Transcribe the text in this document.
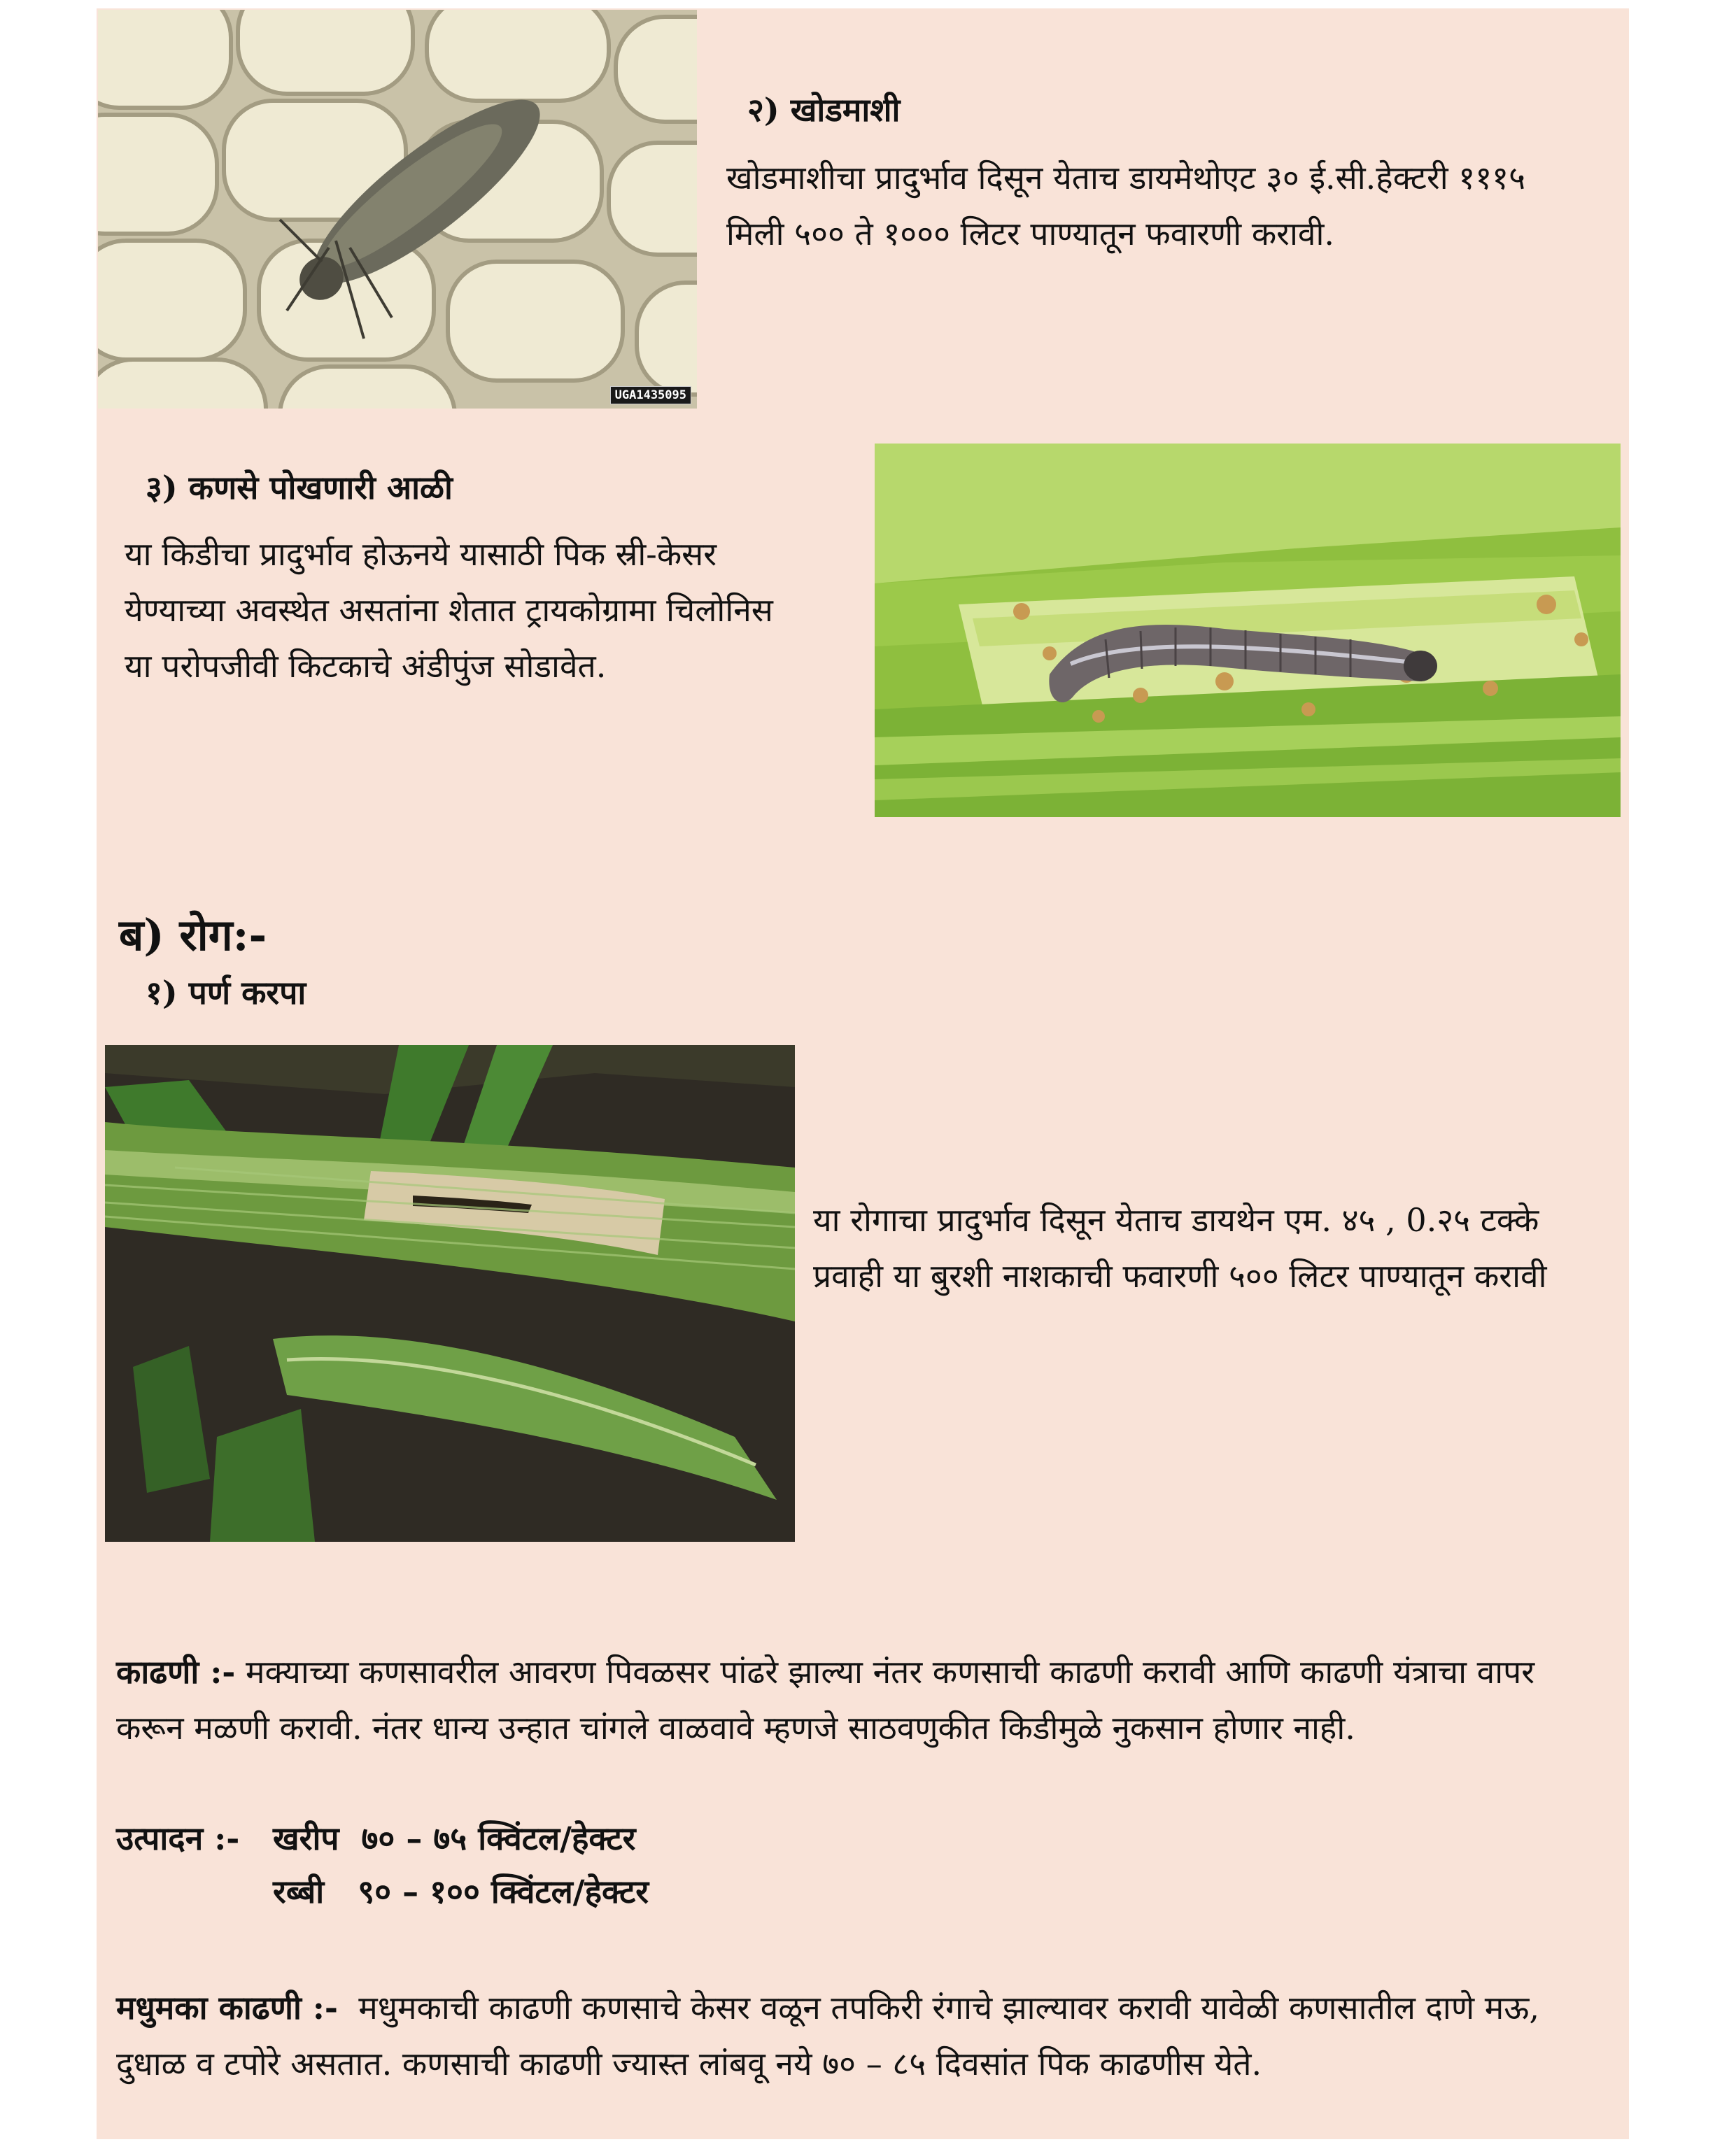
UGA1435095
२) खोडमाशी
खोडमाशीचा प्रादुर्भाव दिसून येताच डायमेथोएट ३० ई.सी.हेक्टरी १११५
मिली ५०० ते १००० लिटर पाण्यातून फवारणी करावी.
३) कणसे पोखणारी आळी
या किडीचा प्रादुर्भाव होऊनये यासाठी पिक स्री-केसर
येण्याच्या अवस्थेत असतांना शेतात ट्रायकोग्रामा चिलोनिस
या परोपजीवी किटकाचे अंडीपुंज सोडावेत.
ब) रोग:-
१) पर्ण करपा
या रोगाचा प्रादुर्भाव दिसून येताच डायथेन एम. ४५ , 0.२५ टक्के
प्रवाही या बुरशी नाशकाची फवारणी ५०० लिटर पाण्यातून करावी
काढणी :- मक्याच्या कणसावरील आवरण पिवळसर पांढरे झाल्या नंतर कणसाची काढणी करावी आणि काढणी यंत्राचा वापर
करून मळणी करावी. नंतर धान्य उन्हात चांगले वाळवावे म्हणजे साठवणुकीत किडीमुळे नुकसान होणार नाही.
उत्पादन :- खरीप  ७० – ७५ क्विंटल/हेक्टर
रब्बी   ९० – १०० क्विंटल/हेक्टर
मधुमका काढणी :-  मधुमकाची काढणी कणसाचे केसर वळून तपकिरी रंगाचे झाल्यावर करावी यावेळी कणसातील दाणे मऊ,
दुधाळ व टपोरे असतात. कणसाची काढणी ज्यास्त लांबवू नये ७० – ८५ दिवसांत पिक काढणीस येते.
